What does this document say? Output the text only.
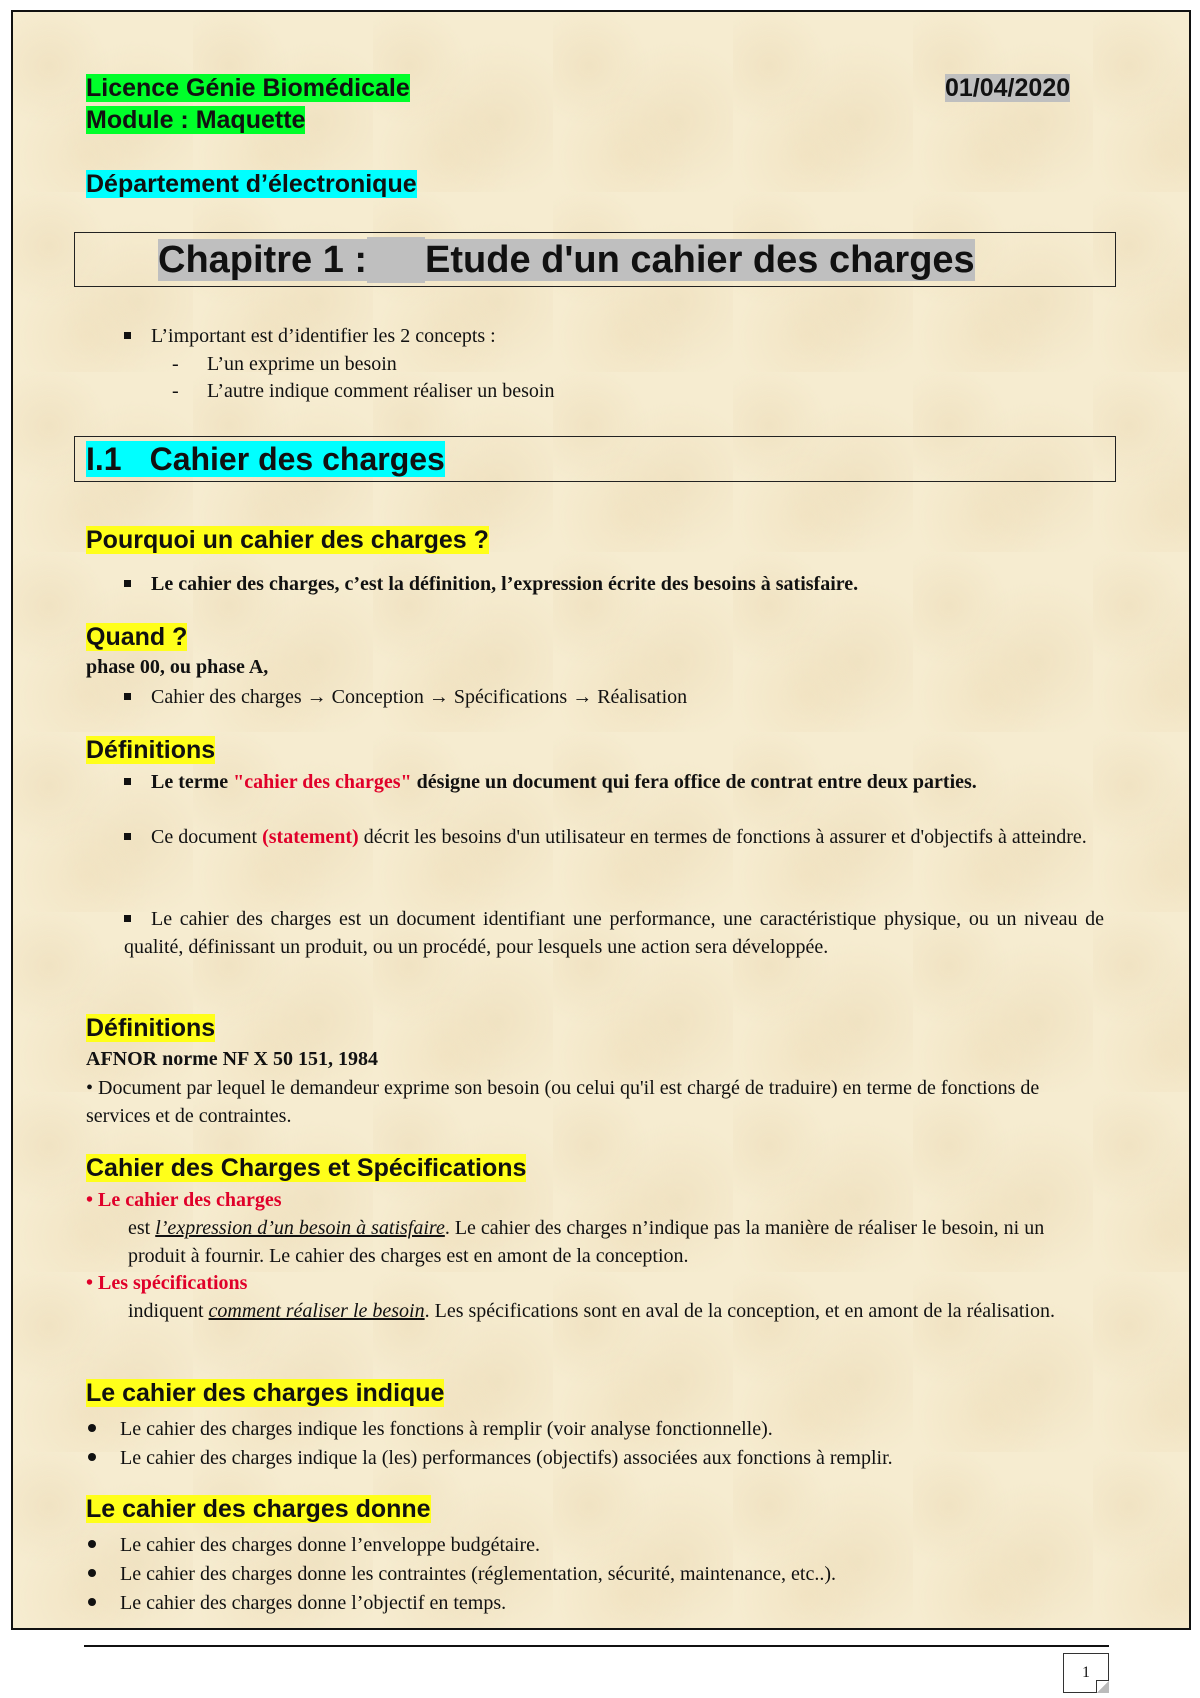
Licence Génie Biomédicale
Module : Maquette
01/04/2020
Département d’électronique
Chapitre 1 : Etude d'un cahier des charges
L’important est d’identifier les 2 concepts :
- L’un exprime un besoin
- L’autre indique comment réaliser un besoin
I.1 Cahier des charges
Pourquoi un cahier des charges ?
Le cahier des charges, c’est la définition, l’expression écrite des besoins à satisfaire.
Quand ?
phase 00, ou phase A,
Cahier des charges → Conception → Spécifications → Réalisation
Définitions
Le terme "cahier des charges" désigne un document qui fera office de contrat entre deux parties.
Ce document (statement) décrit les besoins d'un utilisateur en termes de fonctions à assurer et d'objectifs à atteindre.
Le cahier des charges est un document identifiant une performance, une caractéristique physique, ou un niveau de qualité, définissant un produit, ou un procédé, pour lesquels une action sera développée.
Définitions
AFNOR norme NF X 50 151, 1984
• Document par lequel le demandeur exprime son besoin (ou celui qu'il est chargé de traduire) en terme de fonctions de services et de contraintes.
Cahier des Charges et Spécifications
• Le cahier des charges
est l’expression d’un besoin à satisfaire. Le cahier des charges n’indique pas la manière de réaliser le besoin, ni un produit à fournir. Le cahier des charges est en amont de la conception.
• Les spécifications
indiquent comment réaliser le besoin. Les spécifications sont en aval de la conception, et en amont de la réalisation.
Le cahier des charges indique
Le cahier des charges indique les fonctions à remplir (voir analyse fonctionnelle).
Le cahier des charges indique la (les) performances (objectifs) associées aux fonctions à remplir.
Le cahier des charges donne
Le cahier des charges donne l’enveloppe budgétaire.
Le cahier des charges donne les contraintes (réglementation, sécurité, maintenance, etc..).
Le cahier des charges donne l’objectif en temps.
1
